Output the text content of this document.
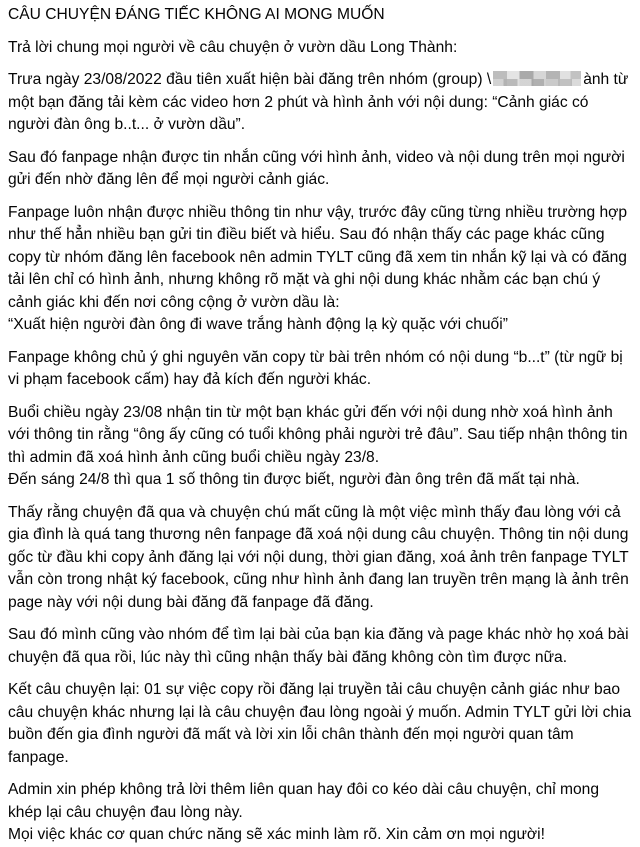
CÂU CHUYỆN ĐÁNG TIẾC KHÔNG AI MONG MUỐN

Trả lời chung mọi người về câu chuyện ở vườn dầu Long Thành:

Trưa ngày 23/08/2022 đầu tiên xuất hiện bài đăng trên nhóm (group) \	ành từ một bạn đăng tải kèm các video hơn 2 phút và hình ảnh với nội dung: “Cảnh giác có người đàn ông b..t... ở vườn dầu”.

Sau đó fanpage nhận được tin nhắn cũng với hình ảnh, video và nội dung trên mọi người gửi đến nhờ đăng lên để mọi người cảnh giác.

Fanpage luôn nhận được nhiều thông tin như vậy, trước đây cũng từng nhiều trường hợp như thế hẳn nhiều bạn gửi tin điều biết và hiểu. Sau đó nhận thấy các page khác cũng copy từ nhóm đăng lên facebook nên admin TYLT cũng đã xem tin nhắn kỹ lại và có đăng tải lên chỉ có hình ảnh, nhưng không rõ mặt và ghi nội dung khác nhằm các bạn chú ý cảnh giác khi đến nơi công cộng ở vườn dầu là:
“Xuất hiện người đàn ông đi wave trắng hành động lạ kỳ quặc với chuối”

Fanpage không chủ ý ghi nguyên văn copy từ bài trên nhóm có nội dung “b...t” (từ ngữ bị vi phạm facebook cấm) hay đả kích đến người khác.

Buổi chiều ngày 23/08 nhận tin từ một bạn khác gửi đến với nội dung nhờ xoá hình ảnh với thông tin rằng “ông ấy cũng có tuổi không phải người trẻ đâu”. Sau tiếp nhận thông tin thì admin đã xoá hình ảnh cũng buổi chiều ngày 23/8.
Đến sáng 24/8 thì qua 1 số thông tin được biết, người đàn ông trên đã mất tại nhà.

Thấy rằng chuyện đã qua và chuyện chú mất cũng là một việc mình thấy đau lòng với cả gia đình là quá tang thương nên fanpage đã xoá nội dung câu chuyện. Thông tin nội dung gốc từ đầu khi copy ảnh đăng lại với nội dung, thời gian đăng, xoá ảnh trên fanpage TYLT vẫn còn trong nhật ký facebook, cũng như hình ảnh đang lan truyền trên mạng là ảnh trên page này với nội dung bài đăng đã fanpage đã đăng.

Sau đó mình cũng vào nhóm để tìm lại bài của bạn kia đăng và page khác nhờ họ xoá bài chuyện đã qua rồi, lúc này thì cũng nhận thấy bài đăng không còn tìm được nữa.

Kết câu chuyện lại: 01 sự việc copy rồi đăng lại truyền tải câu chuyện cảnh giác như bao câu chuyện khác nhưng lại là câu chuyện đau lòng ngoài ý muốn. Admin TYLT gửi lời chia buồn đến gia đình người đã mất và lời xin lỗi chân thành đến mọi người quan tâm fanpage.

Admin xin phép không trả lời thêm liên quan hay đôi co kéo dài câu chuyện, chỉ mong khép lại câu chuyện đau lòng này.
Mọi việc khác cơ quan chức năng sẽ xác minh làm rõ. Xin cảm ơn mọi người!
